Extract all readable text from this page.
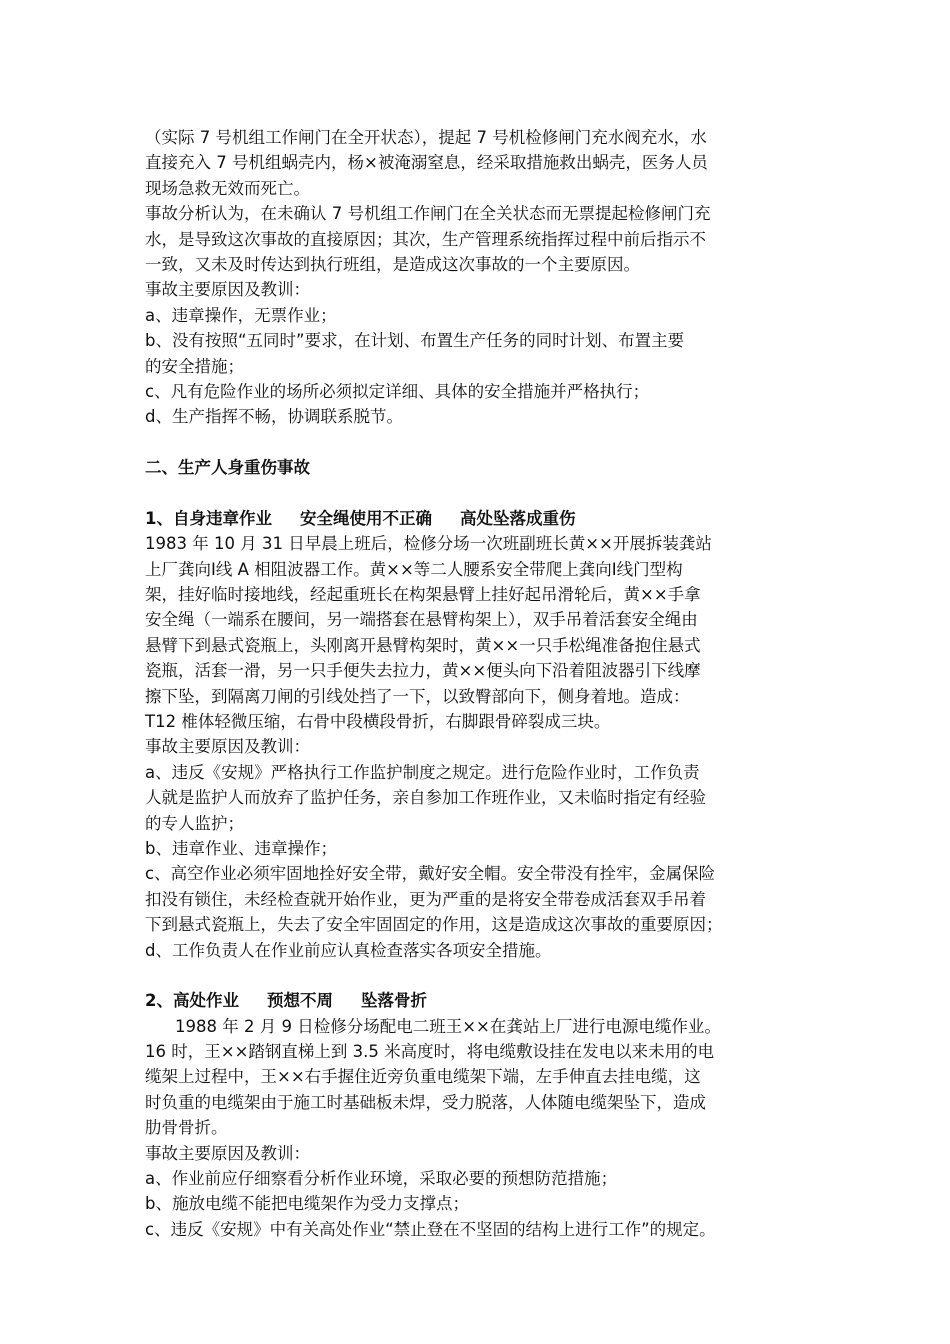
（实际 7 号机组工作闸门在全开状态），提起 7 号机检修闸门充水阀充水，水

直接充入 7 号机组蜗壳内，杨×被淹溺窒息，经采取措施救出蜗壳，医务人员

现场急救无效而死亡。

事故分析认为，在未确认 7 号机组工作闸门在全关状态而无票提起检修闸门充

水，是导致这次事故的直接原因；其次，生产管理系统指挥过程中前后指示不

一致，又未及时传达到执行班组，是造成这次事故的一个主要原因。

事故主要原因及教训：

a、违章操作，无票作业；

b、没有按照“五同时”要求，在计划、布置生产任务的同时计划、布置主要

的安全措施；

c、凡有危险作业的场所必须拟定详细、具体的安全措施并严格执行；

d、生产指挥不畅，协调联系脱节。

二、生产人身重伤事故

1、自身违章作业 安全绳使用不正确 高处坠落成重伤

1983 年 10 月 31 日早晨上班后，检修分场一次班副班长黄××开展拆装龚站

上厂龚向Ⅰ线 A 相阻波器工作。黄××等二人腰系安全带爬上龚向Ⅰ线门型构

架，挂好临时接地线，经起重班长在构架悬臂上挂好起吊滑轮后，黄××手拿

安全绳（一端系在腰间，另一端搭套在悬臂构架上），双手吊着活套安全绳由

悬臂下到悬式瓷瓶上，头刚离开悬臂构架时，黄××一只手松绳准备抱住悬式

瓷瓶，活套一滑，另一只手便失去拉力，黄××便头向下沿着阻波器引下线摩

擦下坠，到隔离刀闸的引线处挡了一下，以致臀部向下，侧身着地。造成：

T12 椎体轻微压缩，右骨中段横段骨折，右脚跟骨碎裂成三块。

事故主要原因及教训：

a、违反《安规》严格执行工作监护制度之规定。进行危险作业时，工作负责

人就是监护人而放弃了监护任务，亲自参加工作班作业，又未临时指定有经验

的专人监护；

b、违章作业、违章操作；

c、高空作业必须牢固地拴好安全带，戴好安全帽。安全带没有拴牢，金属保险

扣没有锁住，未经检查就开始作业，更为严重的是将安全带卷成活套双手吊着

下到悬式瓷瓶上，失去了安全牢固固定的作用，这是造成这次事故的重要原因；

d、工作负责人在作业前应认真检查落实各项安全措施。

2、高处作业 预想不周 坠落骨折

1988 年 2 月 9 日检修分场配电二班王××在龚站上厂进行电源电缆作业。

16 时，王××踏钢直梯上到 3.5 米高度时，将电缆敷设挂在发电以来未用的电

缆架上过程中，王××右手握住近旁负重电缆架下端，左手伸直去挂电缆，这

时负重的电缆架由于施工时基础板未焊，受力脱落，人体随电缆架坠下，造成

肋骨骨折。

事故主要原因及教训：

a、作业前应仔细察看分析作业环境，采取必要的预想防范措施；

b、施放电缆不能把电缆架作为受力支撑点；

c、违反《安规》中有关高处作业“禁止登在不坚固的结构上进行工作”的规定。
